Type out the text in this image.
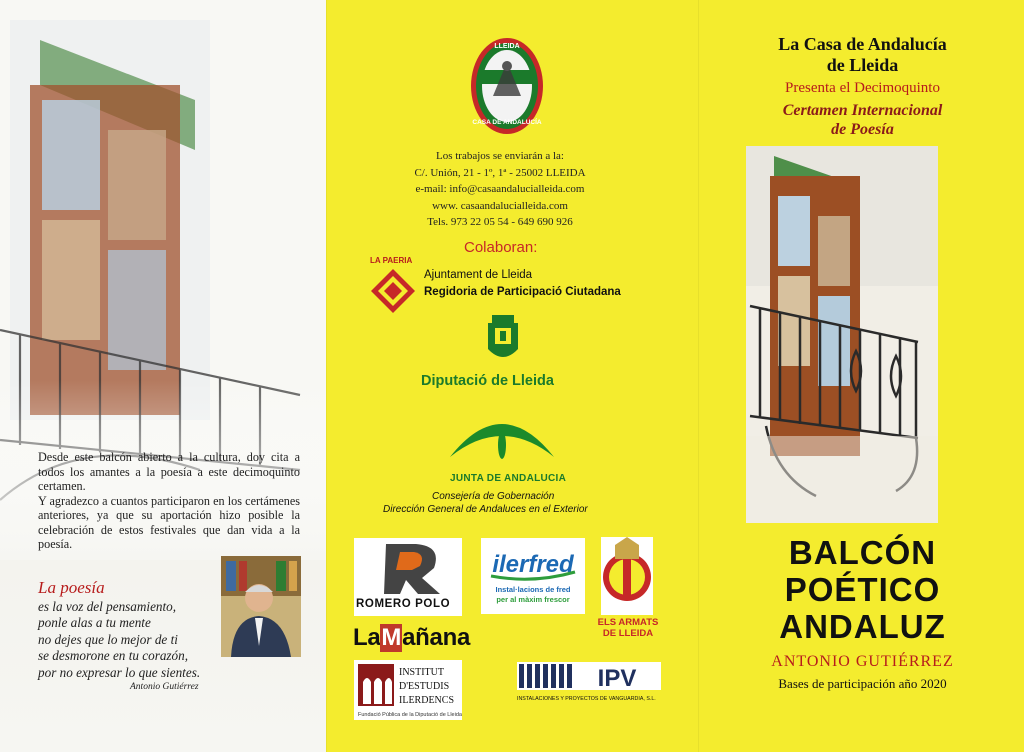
Desde este balcón abierto a la cultura, doy cita a todos los amantes a la poesía a este decimoquinto certamen.

Y agradezco a cuantos participaron en los certámenes anteriores, ya que su aportación hizo posible la celebración de estos festivales que dan vida a la poesía.

La poesía
es la voz del pensamiento,
ponle alas a tu mente
no dejes que lo mejor de ti
se desmorone en tu corazón,
por no expresar lo que sientes.
Antonio Gutiérrez
LLEIDA
CASA DE ANDALUCÍA
Los trabajos se enviarán a la:
C/. Unión, 21 - 1º, 1ª - 25002 LLEIDA
e-mail: info@casaandalucialleida.com
www. casaandalucialleida.com
Tels. 973 22 05 54 - 649 690 926
Colaboran:
LA PAERIA
Ajuntament de Lleida
Regidoria de Participació Ciutadana
Diputació de Lleida
JUNTA DE ANDALUCIA
Consejería de Gobernación
Dirección General de Andaluces en el Exterior
ROMERO POLO
LaMañana
ilerfred
Instal·lacions de fred
per al màxim frescor
ELS ARMATS
DE LLEIDA
INSTITUT
D'ESTUDIS
ILERDENCS
Fundació Pública de la Diputació de Lleida
IPV
INSTALACIONES Y PROYECTOS DE VANGUARDIA, S.L.
La Casa de Andalucía
de Lleida
Presenta el Decimoquinto
Certamen Internacional
de Poesía
BALCÓN
POÉTICO
ANDALUZ
ANTONIO GUTIÉRREZ
Bases de participación año 2020
